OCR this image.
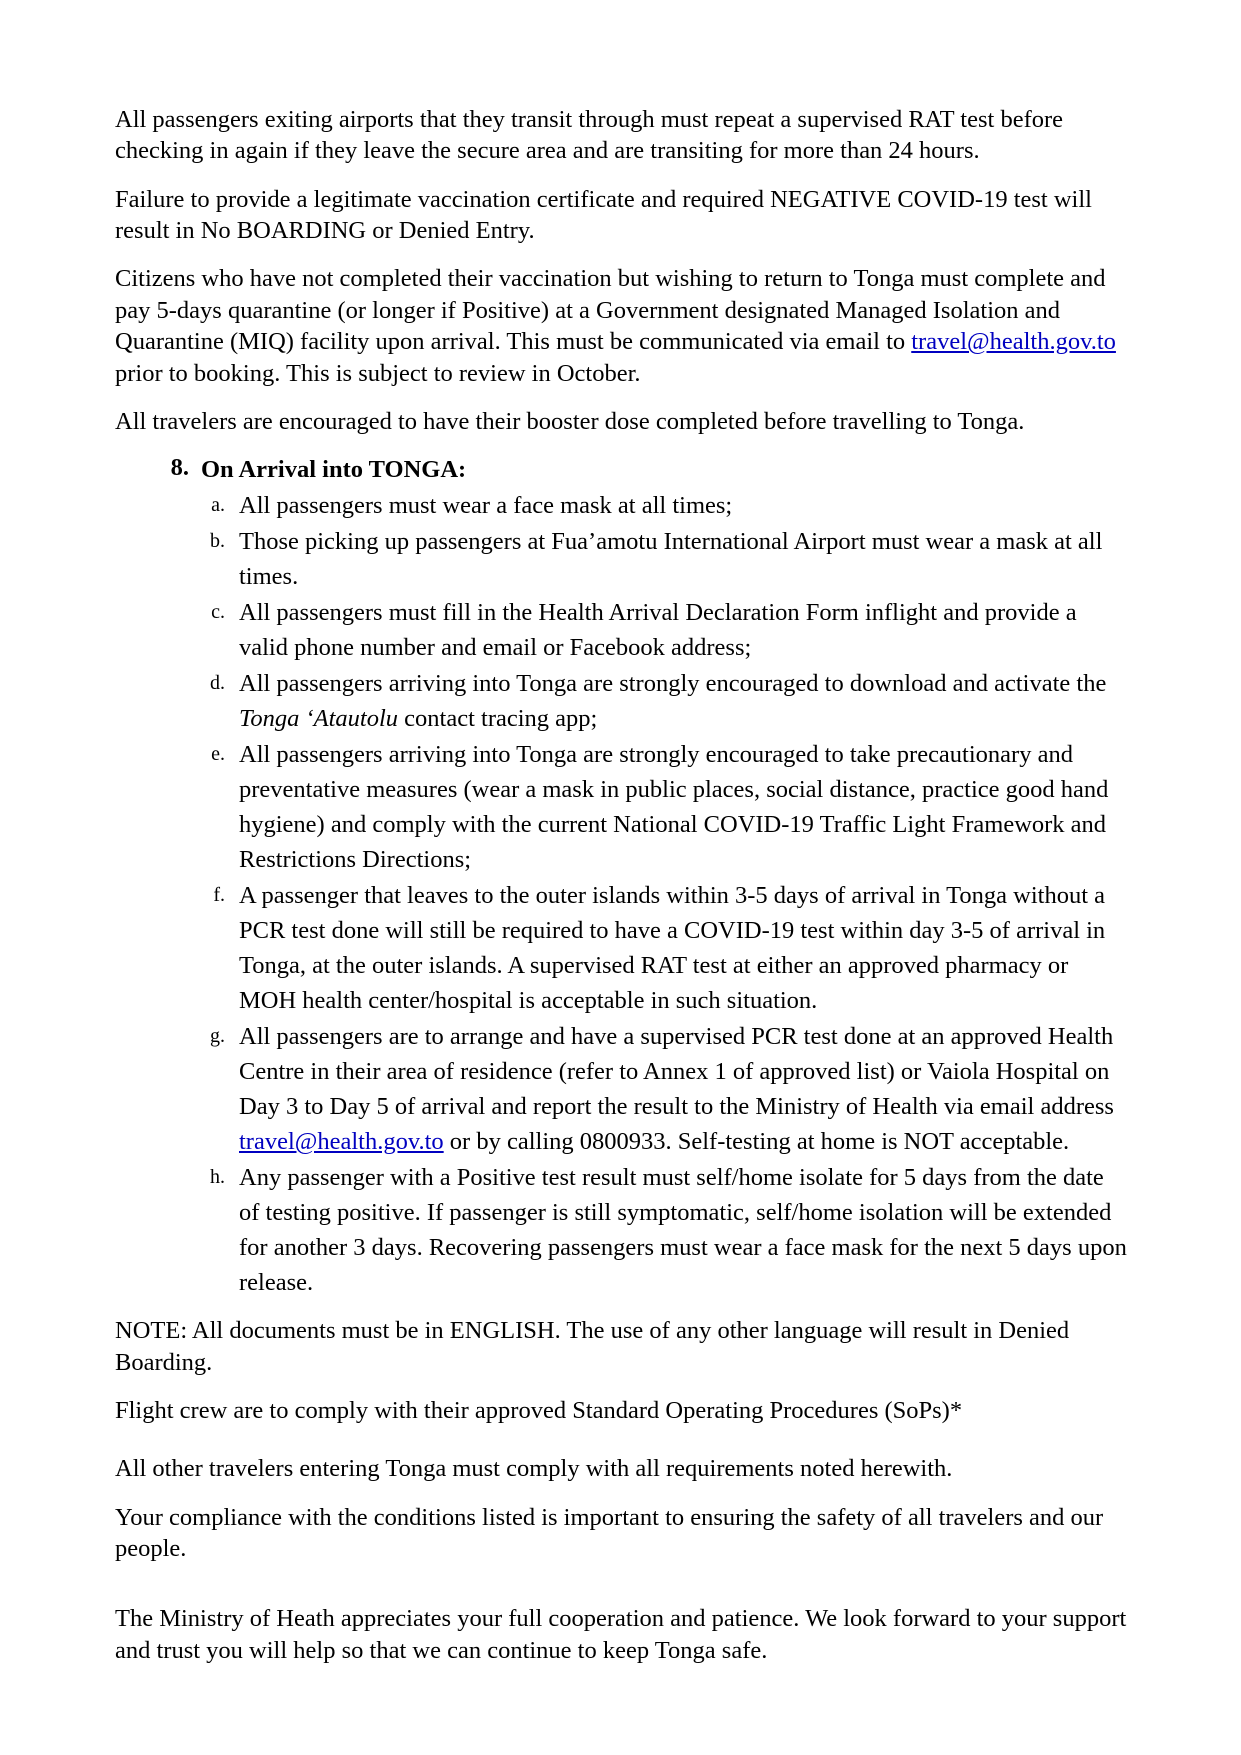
All passengers exiting airports that they transit through must repeat a supervised RAT test before checking in again if they leave the secure area and are transiting for more than 24 hours.

Failure to provide a legitimate vaccination certificate and required NEGATIVE COVID-19 test will result in No BOARDING or Denied Entry.

Citizens who have not completed their vaccination but wishing to return to Tonga must complete and pay 5-days quarantine (or longer if Positive) at a Government designated Managed Isolation and Quarantine (MIQ) facility upon arrival. This must be communicated via email to travel@health.gov.to prior to booking. This is subject to review in October.

All travelers are encouraged to have their booster dose completed before travelling to Tonga.

8. On Arrival into TONGA:
a. All passengers must wear a face mask at all times;
b. Those picking up passengers at Fua’amotu International Airport must wear a mask at all times.
c. All passengers must fill in the Health Arrival Declaration Form inflight and provide a valid phone number and email or Facebook address;
d. All passengers arriving into Tonga are strongly encouraged to download and activate the Tonga ‘Atautolu contact tracing app;
e. All passengers arriving into Tonga are strongly encouraged to take precautionary and preventative measures (wear a mask in public places, social distance, practice good hand hygiene) and comply with the current National COVID-19 Traffic Light Framework and Restrictions Directions;
f. A passenger that leaves to the outer islands within 3-5 days of arrival in Tonga without a PCR test done will still be required to have a COVID-19 test within day 3-5 of arrival in Tonga, at the outer islands. A supervised RAT test at either an approved pharmacy or MOH health center/hospital is acceptable in such situation.
g. All passengers are to arrange and have a supervised PCR test done at an approved Health Centre in their area of residence (refer to Annex 1 of approved list) or Vaiola Hospital on Day 3 to Day 5 of arrival and report the result to the Ministry of Health via email address travel@health.gov.to or by calling 0800933. Self-testing at home is NOT acceptable.
h. Any passenger with a Positive test result must self/home isolate for 5 days from the date of testing positive. If passenger is still symptomatic, self/home isolation will be extended for another 3 days. Recovering passengers must wear a face mask for the next 5 days upon release.

NOTE: All documents must be in ENGLISH. The use of any other language will result in Denied Boarding.

Flight crew are to comply with their approved Standard Operating Procedures (SoPs)*

All other travelers entering Tonga must comply with all requirements noted herewith.

Your compliance with the conditions listed is important to ensuring the safety of all travelers and our people.

The Ministry of Heath appreciates your full cooperation and patience. We look forward to your support and trust you will help so that we can continue to keep Tonga safe.
